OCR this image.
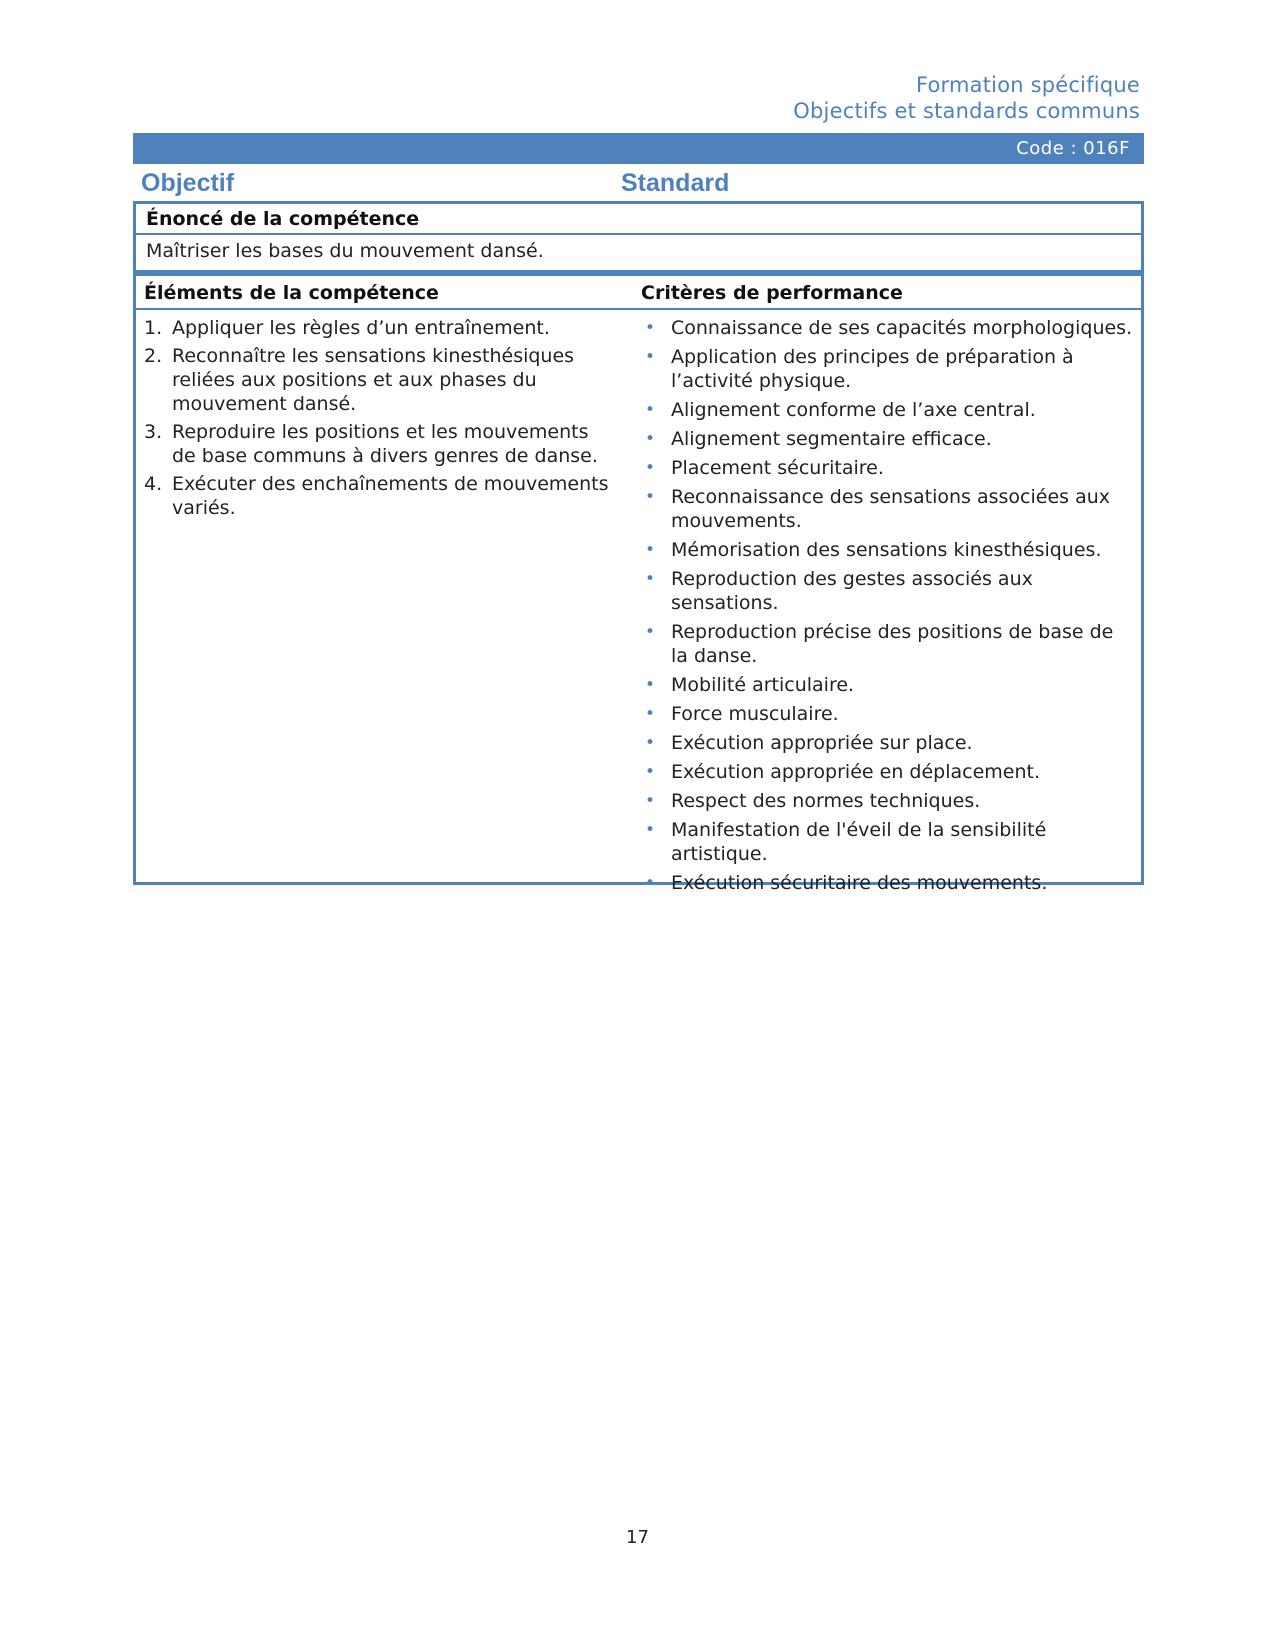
Formation spécifique
Objectifs et standards communs
Code : 016F
Objectif	Standard
Énoncé de la compétence
Maîtriser les bases du mouvement dansé.
Éléments de la compétence	Critères de performance
1. Appliquer les règles d’un entraînement.
2. Reconnaître les sensations kinesthésiques reliées aux positions et aux phases du mouvement dansé.
3. Reproduire les positions et les mouvements de base communs à divers genres de danse.
4. Exécuter des enchaînements de mouvements variés.
• Connaissance de ses capacités morphologiques.
• Application des principes de préparation à l’activité physique.
• Alignement conforme de l’axe central.
• Alignement segmentaire efficace.
• Placement sécuritaire.
• Reconnaissance des sensations associées aux mouvements.
• Mémorisation des sensations kinesthésiques.
• Reproduction des gestes associés aux sensations.
• Reproduction précise des positions de base de la danse.
• Mobilité articulaire.
• Force musculaire.
• Exécution appropriée sur place.
• Exécution appropriée en déplacement.
• Respect des normes techniques.
• Manifestation de l'éveil de la sensibilité artistique.
• Exécution sécuritaire des mouvements.
17
